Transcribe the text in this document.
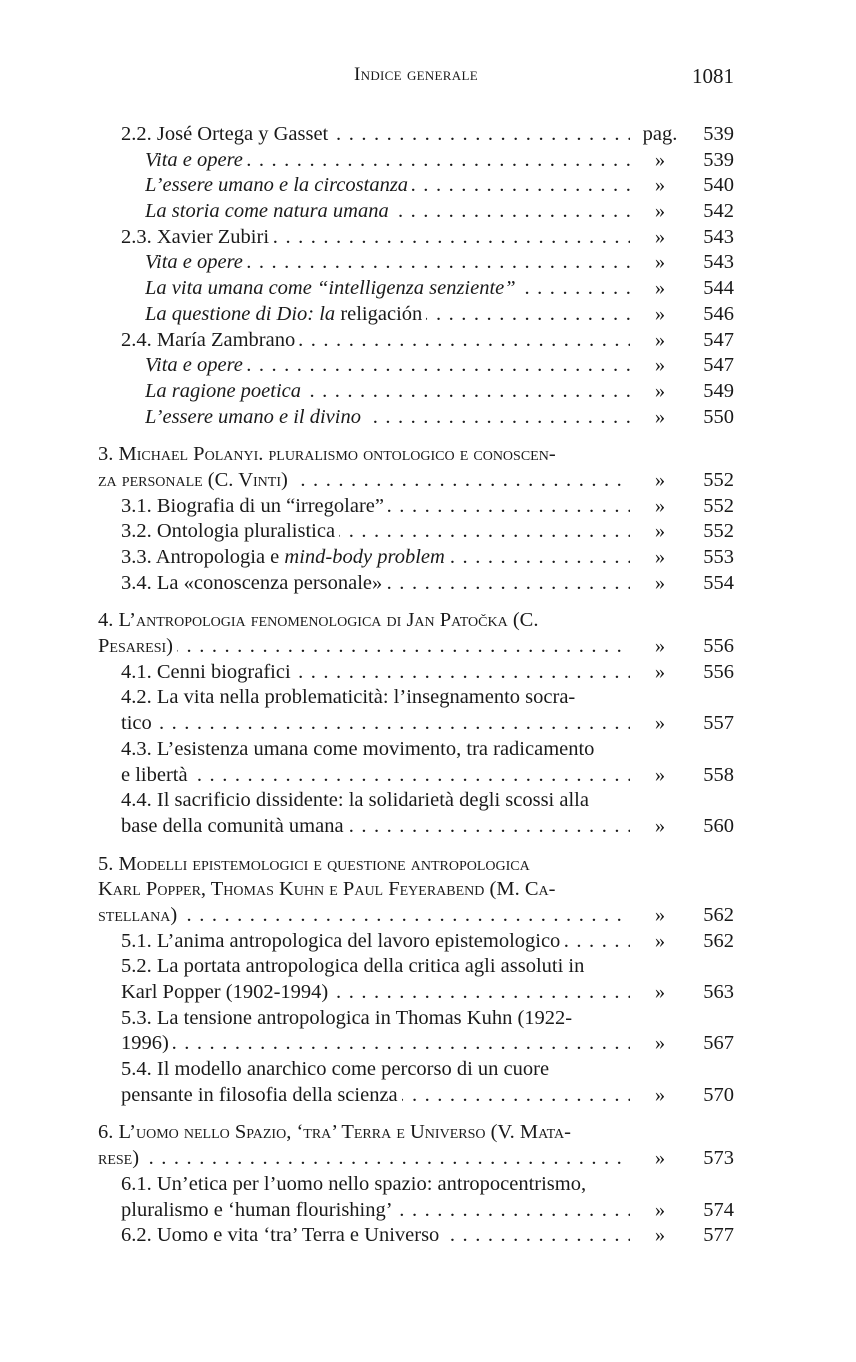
Indice generale	1081
2.2. José Ortega y Gasset . . .	pag.	539
Vita e opere . . .	»	539
L’essere umano e la circostanza . . .	»	540
La storia come natura umana . . .	»	542
2.3. Xavier Zubiri . . .	»	543
Vita e opere . . .	»	543
La vita umana come “intelligenza senziente” . . .	»	544
La questione di Dio: la religación . . .	»	546
2.4. María Zambrano . . .	»	547
Vita e opere . . .	»	547
La ragione poetica . . .	»	549
L’essere umano e il divino . . .	»	550
3. Michael Polanyi. pluralismo ontologico e conoscen-
za personale (C. Vinti) . . .	»	552
3.1. Biografia di un “irregolare” . . .	»	552
3.2. Ontologia pluralistica . . .	»	552
3.3. Antropologia e mind-body problem . . .	»	553
3.4. La «conoscenza personale» . . .	»	554
4. L’antropologia fenomenologica di Jan Patočka (C.
Pesaresi) . . .	»	556
4.1. Cenni biografici . . .	»	556
4.2. La vita nella problematicità: l’insegnamento socra-
tico . . .	»	557
4.3. L’esistenza umana come movimento, tra radicamento
e libertà . . .	»	558
4.4. Il sacrificio dissidente: la solidarietà degli scossi alla
base della comunità umana . . .	»	560
5. Modelli epistemologici e questione antropologica
Karl Popper, Thomas Kuhn e Paul Feyerabend (M. Ca-
stellana) . . .	»	562
5.1. L’anima antropologica del lavoro epistemologico . . .	»	562
5.2. La portata antropologica della critica agli assoluti in
Karl Popper (1902-1994) . . .	»	563
5.3. La tensione antropologica in Thomas Kuhn (1922-
1996) . . .	»	567
5.4. Il modello anarchico come percorso di un cuore
pensante in filosofia della scienza . . .	»	570
6. L’uomo nello Spazio, ‘tra’ Terra e Universo (V. Mata-
rese) . . .	»	573
6.1. Un’etica per l’uomo nello spazio: antropocentrismo,
pluralismo e ‘human flourishing’ . . .	»	574
6.2. Uomo e vita ‘tra’ Terra e Universo . . .	»	577
